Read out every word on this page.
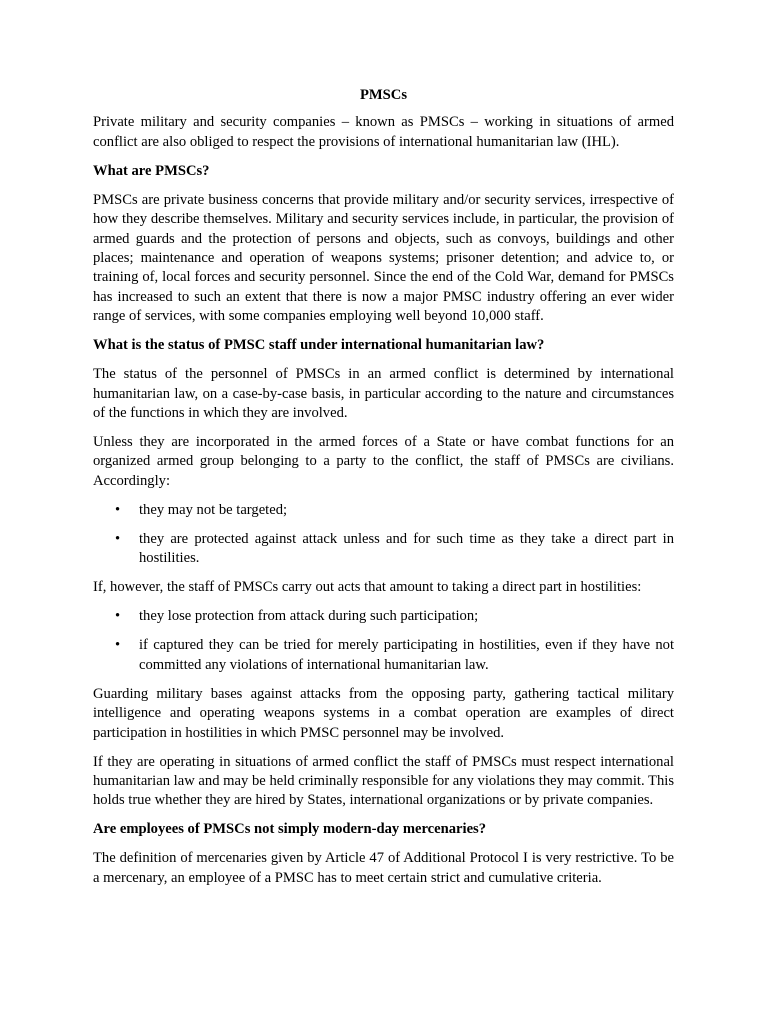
PMSCs

Private military and security companies – known as PMSCs – working in situations of armed conflict are also obliged to respect the provisions of international humanitarian law (IHL).

What are PMSCs?

PMSCs are private business concerns that provide military and/or security services, irrespective of how they describe themselves. Military and security services include, in particular, the provision of armed guards and the protection of persons and objects, such as convoys, buildings and other places; maintenance and operation of weapons systems; prisoner detention; and advice to, or training of, local forces and security personnel. Since the end of the Cold War, demand for PMSCs has increased to such an extent that there is now a major PMSC industry offering an ever wider range of services, with some companies employing well beyond 10,000 staff.

What is the status of PMSC staff under international humanitarian law?

The status of the personnel of PMSCs in an armed conflict is determined by international humanitarian law, on a case-by-case basis, in particular according to the nature and circumstances of the functions in which they are involved.

Unless they are incorporated in the armed forces of a State or have combat functions for an organized armed group belonging to a party to the conflict, the staff of PMSCs are civilians. Accordingly:

• they may not be targeted;
• they are protected against attack unless and for such time as they take a direct part in hostilities.

If, however, the staff of PMSCs carry out acts that amount to taking a direct part in hostilities:

• they lose protection from attack during such participation;
• if captured they can be tried for merely participating in hostilities, even if they have not committed any violations of international humanitarian law.

Guarding military bases against attacks from the opposing party, gathering tactical military intelligence and operating weapons systems in a combat operation are examples of direct participation in hostilities in which PMSC personnel may be involved.

If they are operating in situations of armed conflict the staff of PMSCs must respect international humanitarian law and may be held criminally responsible for any violations they may commit. This holds true whether they are hired by States, international organizations or by private companies.

Are employees of PMSCs not simply modern-day mercenaries?

The definition of mercenaries given by Article 47 of Additional Protocol I is very restrictive. To be a mercenary, an employee of a PMSC has to meet certain strict and cumulative criteria.
